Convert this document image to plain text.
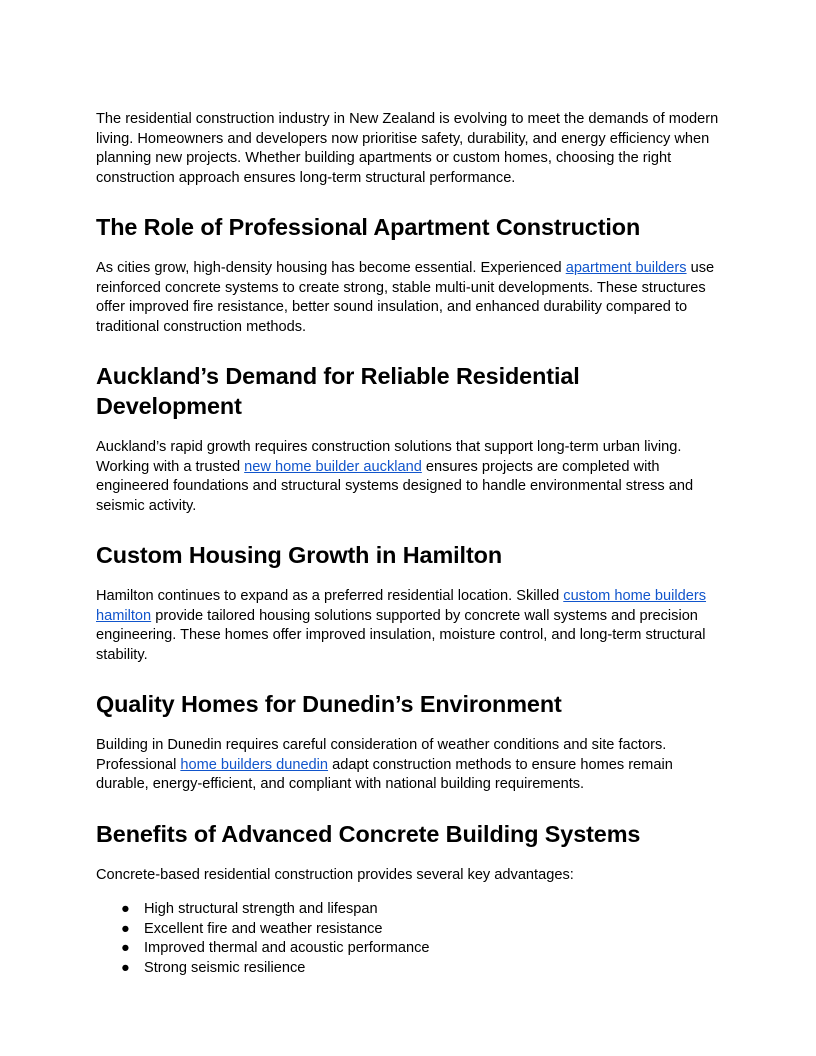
The residential construction industry in New Zealand is evolving to meet the demands of modern living. Homeowners and developers now prioritise safety, durability, and energy efficiency when planning new projects. Whether building apartments or custom homes, choosing the right construction approach ensures long-term structural performance.

The Role of Professional Apartment Construction

As cities grow, high-density housing has become essential. Experienced apartment builders use reinforced concrete systems to create strong, stable multi-unit developments. These structures offer improved fire resistance, better sound insulation, and enhanced durability compared to traditional construction methods.

Auckland’s Demand for Reliable Residential Development

Auckland’s rapid growth requires construction solutions that support long-term urban living. Working with a trusted new home builder auckland ensures projects are completed with engineered foundations and structural systems designed to handle environmental stress and seismic activity.

Custom Housing Growth in Hamilton

Hamilton continues to expand as a preferred residential location. Skilled custom home builders hamilton provide tailored housing solutions supported by concrete wall systems and precision engineering. These homes offer improved insulation, moisture control, and long-term structural stability.

Quality Homes for Dunedin’s Environment

Building in Dunedin requires careful consideration of weather conditions and site factors. Professional home builders dunedin adapt construction methods to ensure homes remain durable, energy-efficient, and compliant with national building requirements.

Benefits of Advanced Concrete Building Systems

Concrete-based residential construction provides several key advantages:

● High structural strength and lifespan
● Excellent fire and weather resistance
● Improved thermal and acoustic performance
● Strong seismic resilience
